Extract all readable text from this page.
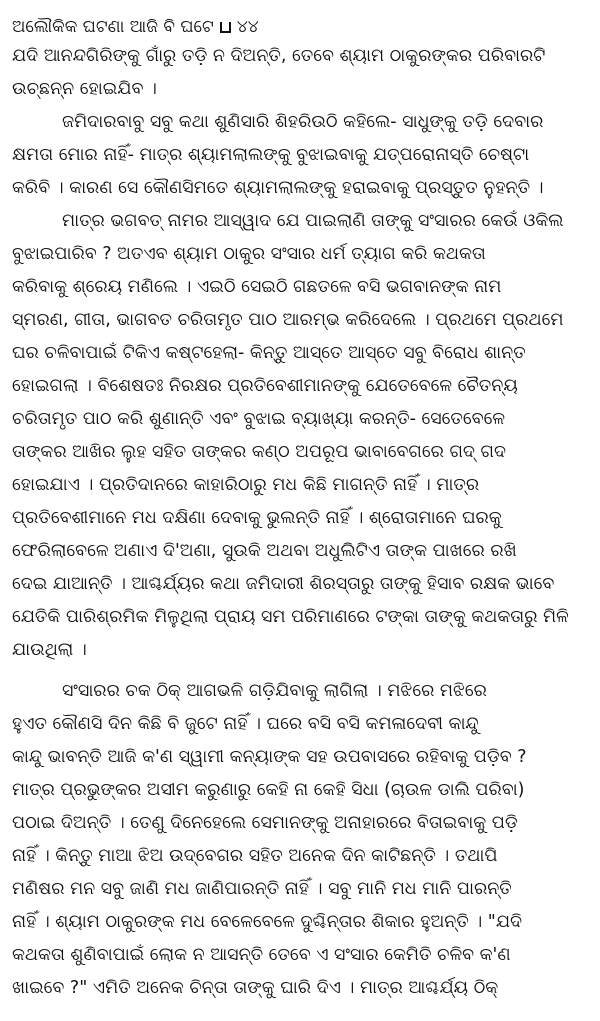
ଅଲୌକିକ ଘଟଣା ଆଜି ବି ଘଟେ ୪୪
ଯଦି ଆନନ୍ଦଗିରିଙ୍କୁ ଗାଁରୁ ତଡ଼ି ନ ଦିଅନ୍ତି, ତେବେ ଶ୍ୟାମ ଠାକୁରଙ୍କର ପରିବାରଟି
ଉଚ୍ଛନ୍ନ ହୋଇଯିବ ।
ଜମିଦାରବାବୁ ସବୁ କଥା ଶୁଣିସାରି ଶିହରିଉଠି କହିଲେ- ସାଧୁଙ୍କୁ ତଡ଼ି ଦେବାର
କ୍ଷମତା ମୋର ନାହିଁ- ମାତ୍ର ଶ୍ୟାମଲାଲଙ୍କୁ ବୁଝାଇବାକୁ ଯତ୍‌ପରୋନାସ୍ତି ଚେଷ୍ଟା
କରିବି । କାରଣ ସେ କୌଣସିମତେ ଶ୍ୟାମଲାଲଙ୍କୁ ହରାଇବାକୁ ପ୍ରସ୍ତୁତ ନୁହନ୍ତି ।
ମାତ୍ର ଭଗବତ୍ ନାମର ଆସ୍ୱାଦ ଯେ ପାଇଲାଣି ତାଙ୍କୁ ସଂସାରର କେଉଁ ଓକିଲ
ବୁଝାଇପାରିବ ? ଅତଏବ ଶ୍ୟାମ ଠାକୁର ସଂସାର ଧର୍ମ ତ୍ୟାଗ କରି କଥକତା
କରିବାକୁ ଶ୍ରେୟ ମଣିଲେ । ଏଇଠି ସେଇଠି ଗଛତଳେ ବସି ଭଗବାନଙ୍କ ନାମ
ସ୍ମରଣ, ଗୀତା, ଭାଗବତ ଚରିତାମୃତ ପାଠ ଆରମ୍ଭ କରିଦେଲେ । ପ୍ରଥମେ ପ୍ରଥମେ
ଘର ଚଳିବାପାଇଁ ଟିକିଏ କଷ୍ଟହେଲା- କିନ୍ତୁ ଆସ୍ତେ ଆସ୍ତେ ସବୁ ବିରୋଧ ଶାନ୍ତ
ହୋଇଗଲା । ବିଶେଷତଃ ନିରକ୍ଷର ପ୍ରତିବେଶୀମାନଙ୍କୁ ଯେତେବେଳେ ଚୈତନ୍ୟ
ଚରିତାମୃତ ପାଠ କରି ଶୁଣାନ୍ତି ଏବଂ ବୁଝାଇ ବ୍ୟାଖ୍ୟା କରନ୍ତି- ସେତେବେଳେ
ତାଙ୍କର ଆଖିର ଲୁହ ସହିତ ତାଙ୍କର କଣ୍ଠ ଅପରୂପ ଭାବାବେଗରେ ଗଦ୍ ଗଦ
ହୋଇଯାଏ । ପ୍ରତିଦାନରେ କାହାରିଠାରୁ ମଧ କିଛି ମାଗନ୍ତି ନାହିଁ । ମାତ୍ର
ପ୍ରତିବେଶୀମାନେ ମଧ ଦକ୍ଷିଣା ଦେବାକୁ ଭୁଲନ୍ତି ନାହିଁ । ଶ୍ରୋତାମାନେ ଘରକୁ
ଫେରିଲାବେଳେ ଅଣାଏ ଦି'ଅଣା, ସୁଉକି ଅଥବା ଅଧୁଲିଟିଏ ତାଙ୍କ ପାଖରେ ରଖି
ଦେଇ ଯାଆନ୍ତି । ଆଶ୍ଚର୍ଯ୍ୟର କଥା ଜମିଦାରୀ ଶିରସ୍ତାରୁ ତାଙ୍କୁ ହିସାବ ରକ୍ଷକ ଭାବେ
ଯେତିକି ପାରିଶ୍ରମିକ ମିଳୁଥିଲା ପ୍ରାୟ ସମ ପରିମାଣରେ ଟଙ୍କା ତାଙ୍କୁ କଥକତାରୁ ମିଳି
ଯାଉଥିଲା ।
ସଂସାରର ଚକ ଠିକ୍ ଆଗଭଳି ଗଡ଼ିଯିବାକୁ ଲାଗିଲା । ମଝିରେ ମଝିରେ
ହୁଏତ କୌଣସି ଦିନ କିଛି ବି ଜୁଟେ ନାହିଁ । ଘରେ ବସି ବସି କମଳାଦେବୀ କାନ୍ଦୁ
କାନ୍ଦୁ ଭାବନ୍ତି ଆଜି କ'ଣ ସ୍ୱାମୀ କନ୍ୟାଙ୍କ ସହ ଉପବାସରେ ରହିବାକୁ ପଡ଼ିବ ?
ମାତ୍ର ପ୍ରଭୁଙ୍କର ଅସୀମ କରୁଣାରୁ କେହି ନା କେହି ସିଧା (ଚାଉଳ ଡାଲି ପରିବା)
ପଠାଇ ଦିଅନ୍ତି । ତେଣୁ ଦିନେହେଲେ ସେମାନଙ୍କୁ ଅନାହାରରେ ବିତାଇବାକୁ ପଡ଼ି
ନାହିଁ । କିନ୍ତୁ ମାଆ ଝିଅ ଉଦ୍‌ବେଗର ସହିତ ଅନେକ ଦିନ କାଟିଛନ୍ତି । ତଥାପି
ମଣିଷର ମନ ସବୁ ଜାଣି ମଧ ଜାଣିପାରନ୍ତି ନାହିଁ । ସବୁ ମାନି ମଧ ମାନି ପାରନ୍ତି
ନାହିଁ । ଶ୍ୟାମ ଠାକୁରଙ୍କ ମଧ ବେଳେବେଳେ ଦୁଶ୍ଚିନ୍ତାର ଶିକାର ହୁଅନ୍ତି । "ଯଦି
କଥକତା ଶୁଣିବାପାଇଁ ଲୋକ ନ ଆସନ୍ତି ତେବେ ଏ ସଂସାର କେମିତି ଚଳିବ କ'ଣ
ଖାଇବେ ?" ଏମିତି ଅନେକ ଚିନ୍ତା ତାଙ୍କୁ ଘାରି ଦିଏ । ମାତ୍ର ଆଶ୍ଚର୍ଯ୍ୟ ଠିକ୍
